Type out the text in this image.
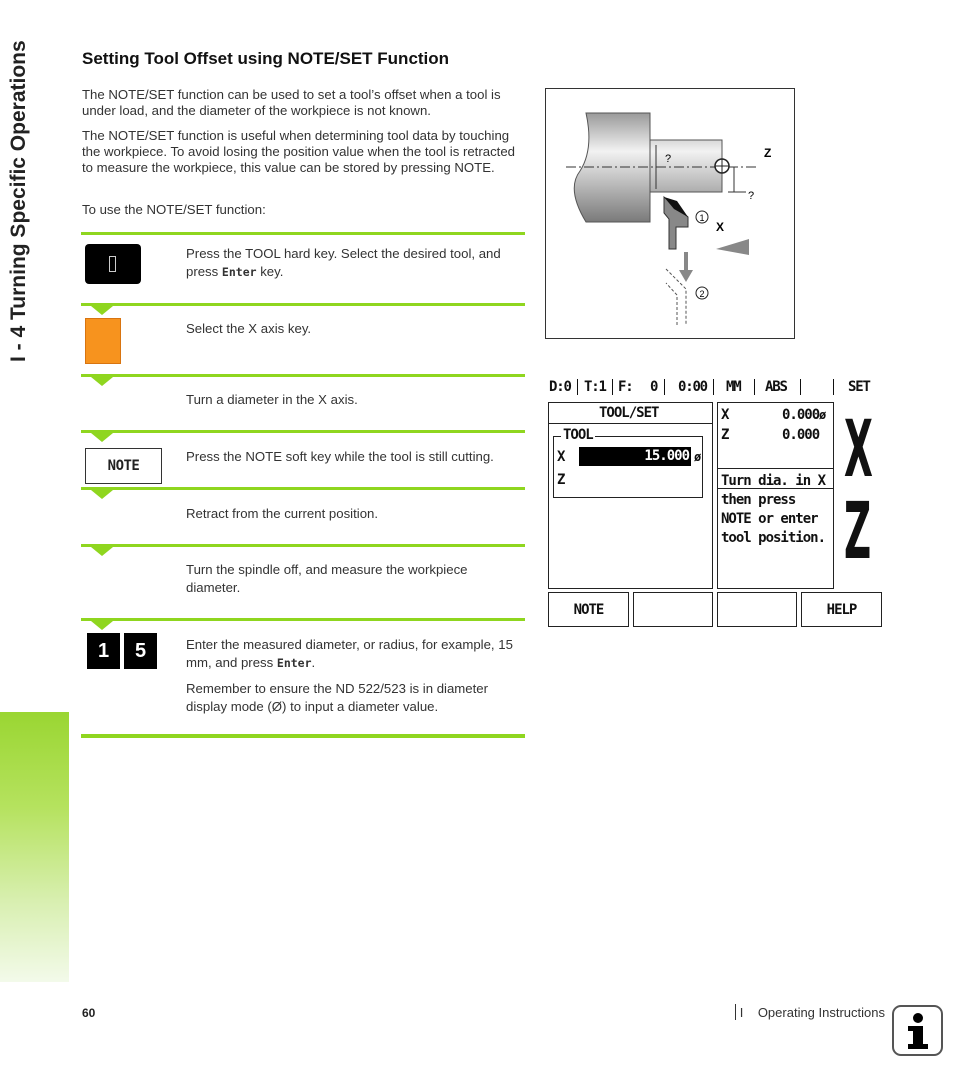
I - 4 Turning Specific Operations	Setting Tool Offset using NOTE/SET Function

The NOTE/SET function can be used to set a tool’s offset when a tool is under load, and the diameter of the workpiece is not known.

The NOTE/SET function is useful when determining tool data by touching the workpiece. To avoid losing the position value when the tool is retracted to measure the workpiece, this value can be stored by pressing NOTE.

To use the NOTE/SET function:

Press the TOOL hard key. Select the desired tool, and press Enter key.

Select the X axis key.

Turn a diameter in the X axis.

NOTE

Press the NOTE soft key while the tool is still cutting.

Retract from the current position.

Turn the spindle off, and measure the workpiece diameter.

1	5	Enter the measured diameter, or radius, for example, 15 mm, and press Enter.

Remember to ensure the ND 522/523 is in diameter display mode (Ø) to input a diameter value.

?
?
Z
X
1
2
D:0 T:1 F: 0 0:00 MM ABS	SET
TOOL/SET
TOOL
X	15.000 ø
Z
X	0.000 ø
Z	0.000
Turn dia. in X
then press
NOTE or enter
tool position.
X
Z
NOTE	HELP
60	I    Operating Instructions
